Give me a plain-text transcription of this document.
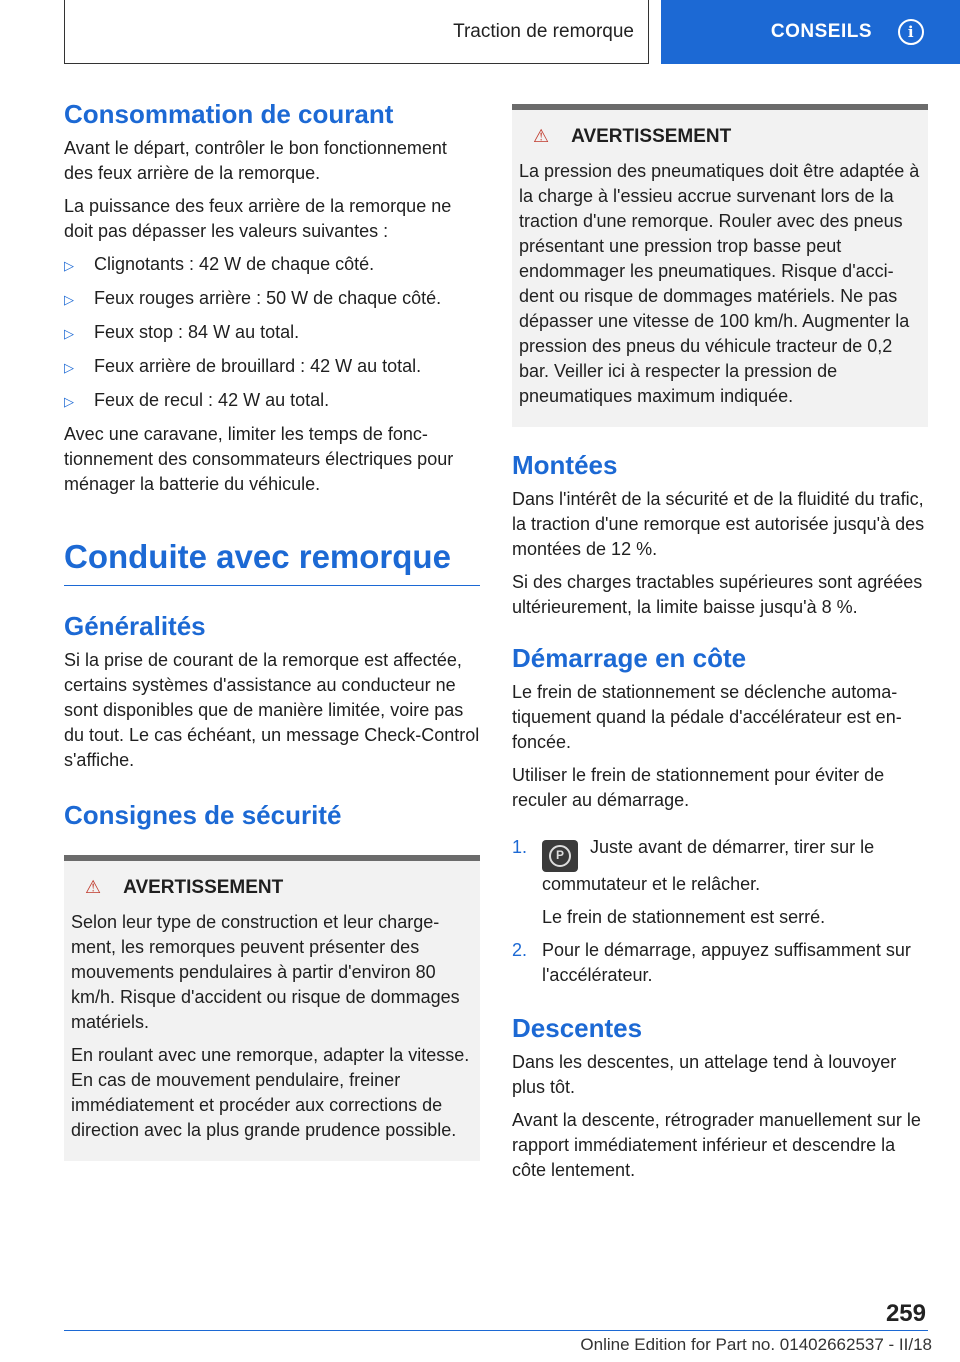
Traction de remorque	CONSEILS	i
Consommation de courant

Avant le départ, contrôler le bon fonctionnement des feux arrière de la remorque.

La puissance des feux arrière de la remorque ne doit pas dépasser les valeurs suivantes :

▷	Clignotants : 42 W de chaque côté.
▷	Feux rouges arrière : 50 W de chaque côté.
▷	Feux stop : 84 W au total.
▷	Feux arrière de brouillard : 42 W au total.
▷	Feux de recul : 42 W au total.

Avec une caravane, limiter les temps de fonctionnement des consommateurs électriques pour ménager la batterie du véhicule.

Conduite avec remorque
Généralités

Si la prise de courant de la remorque est affectée, certains systèmes d'assistance au conducteur ne sont disponibles que de manière limitée, voire pas du tout. Le cas échéant, un message Check-Control s'affiche.

Consignes de sécurité
⚠ AVERTISSEMENT

Selon leur type de construction et leur chargement, les remorques peuvent présenter des mouvements pendulaires à partir d'environ 80 km/h. Risque d'accident ou risque de dommages matériels.

En roulant avec une remorque, adapter la vitesse. En cas de mouvement pendulaire, freiner immédiatement et procéder aux corrections de direction avec la plus grande prudence possible.

⚠ AVERTISSEMENT

La pression des pneumatiques doit être adaptée à la charge à l'essieu accrue survenant lors de la traction d'une remorque. Rouler avec des pneus présentant une pression trop basse peut endommager les pneumatiques. Risque d'accident ou risque de dommages matériels. Ne pas dépasser une vitesse de 100 km/h. Augmenter la pression des pneus du véhicule tracteur de 0,2 bar. Veiller ici à respecter la pression de pneumatiques maximum indiquée.

Montées

Dans l'intérêt de la sécurité et de la fluidité du trafic, la traction d'une remorque est autorisée jusqu'à des montées de 12 %.

Si des charges tractables supérieures sont agréées ultérieurement, la limite baisse jusqu'à 8 %.

Démarrage en côte

Le frein de stationnement se déclenche automatiquement quand la pédale d'accélérateur est enfoncée.

Utiliser le frein de stationnement pour éviter de reculer au démarrage.

1.	P	Juste avant de démarrer, tirer sur le commutateur et le relâcher.
Le frein de stationnement est serré.
2. Pour le démarrage, appuyez suffisamment sur l'accélérateur.
Descentes

Dans les descentes, un attelage tend à louvoyer plus tôt.

Avant la descente, rétrograder manuellement sur le rapport immédiatement inférieur et descendre la côte lentement.

259
Online Edition for Part no. 01402662537 - II/18
